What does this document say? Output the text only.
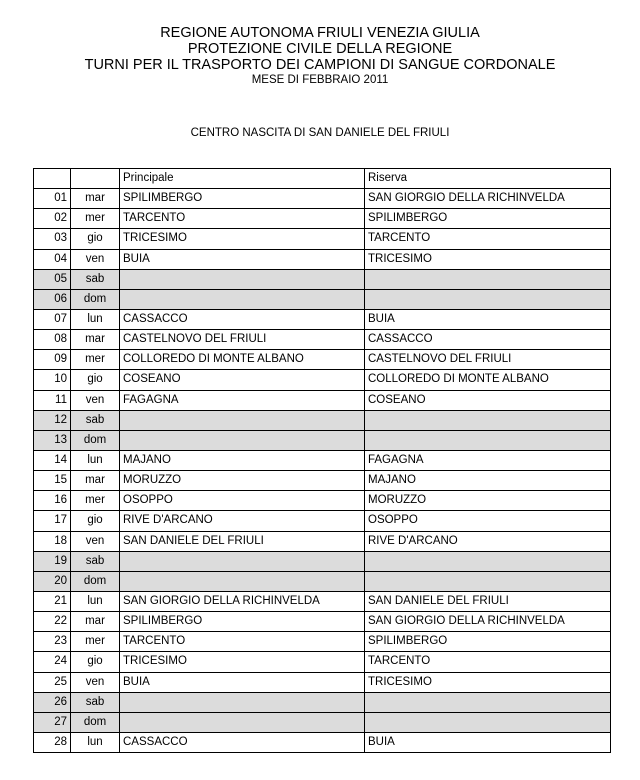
REGIONE AUTONOMA FRIULI VENEZIA GIULIA
PROTEZIONE CIVILE DELLA REGIONE
TURNI PER IL TRASPORTO DEI CAMPIONI DI SANGUE CORDONALE
MESE DI FEBBRAIO 2011
CENTRO NASCITA DI SAN DANIELE DEL FRIULI
		Principale	Riserva
01	mar	SPILIMBERGO	SAN GIORGIO DELLA RICHINVELDA
02	mer	TARCENTO	SPILIMBERGO
03	gio	TRICESIMO	TARCENTO
04	ven	BUIA	TRICESIMO
05	sab		
06	dom		
07	lun	CASSACCO	BUIA
08	mar	CASTELNOVO DEL FRIULI	CASSACCO
09	mer	COLLOREDO DI MONTE ALBANO	CASTELNOVO DEL FRIULI
10	gio	COSEANO	COLLOREDO DI MONTE ALBANO
11	ven	FAGAGNA	COSEANO
12	sab		
13	dom		
14	lun	MAJANO	FAGAGNA
15	mar	MORUZZO	MAJANO
16	mer	OSOPPO	MORUZZO
17	gio	RIVE D'ARCANO	OSOPPO
18	ven	SAN DANIELE DEL FRIULI	RIVE D'ARCANO
19	sab		
20	dom		
21	lun	SAN GIORGIO DELLA RICHINVELDA	SAN DANIELE DEL FRIULI
22	mar	SPILIMBERGO	SAN GIORGIO DELLA RICHINVELDA
23	mer	TARCENTO	SPILIMBERGO
24	gio	TRICESIMO	TARCENTO
25	ven	BUIA	TRICESIMO
26	sab		
27	dom		
28	lun	CASSACCO	BUIA
